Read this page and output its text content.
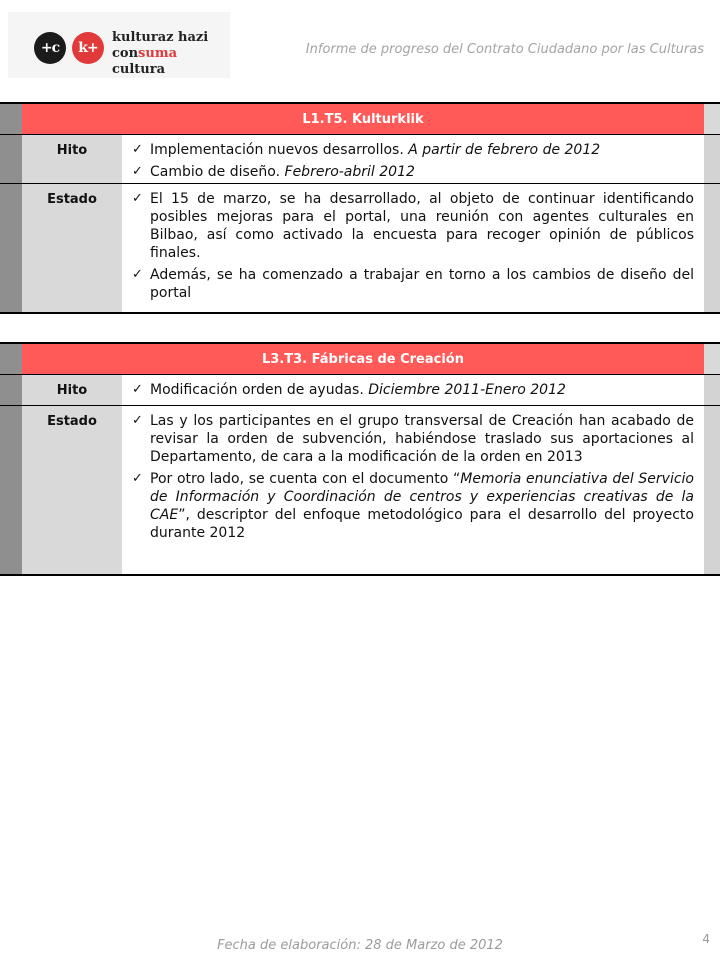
+c	k+
kulturaz hazi
consuma cultura
Informe de progreso del Contrato Ciudadano por las Culturas
L1.T5. Kulturklik
Hito	✓ Implementación nuevos desarrollos. A partir de febrero de 2012
✓ Cambio de diseño. Febrero-abril 2012
Estado	✓ El 15 de marzo, se ha desarrollado, al objeto de continuar identificando posibles mejoras para el portal, una reunión con agentes culturales en Bilbao, así como activado la encuesta para recoger opinión de públicos finales.
✓ Además, se ha comenzado a trabajar en torno a los cambios de diseño del portal
L3.T3. Fábricas de Creación
Hito	✓ Modificación orden de ayudas. Diciembre 2011-Enero 2012
Estado	✓ Las y los participantes en el grupo transversal de Creación han acabado de revisar la orden de subvención, habiéndose traslado sus aportaciones al Departamento, de cara a la modificación de la orden en 2013
✓ Por otro lado, se cuenta con el documento “Memoria enunciativa del Servicio de Información y Coordinación de centros y experiencias creativas de la CAE”, descriptor del enfoque metodológico para el desarrollo del proyecto durante 2012
Fecha de elaboración: 28 de Marzo de 2012	4
